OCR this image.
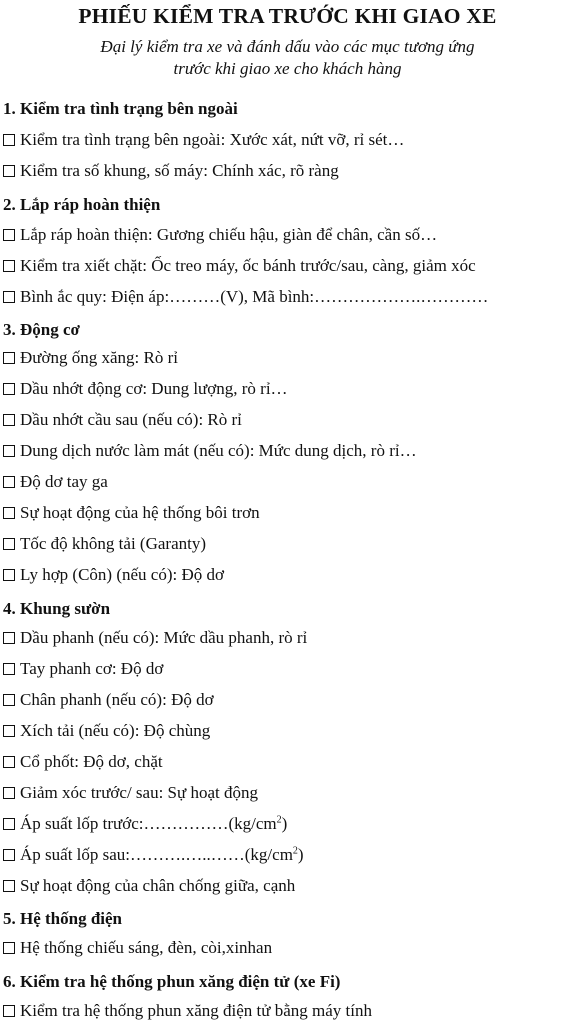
PHIẾU KIỂM TRA TRƯỚC KHI GIAO XE
Đại lý kiểm tra xe và đánh dấu vào các mục tương ứng
trước khi giao xe cho khách hàng
1. Kiểm tra tình trạng bên ngoài
Kiểm tra tình trạng bên ngoài: Xước xát, nứt vỡ, rỉ sét…
Kiểm tra số khung, số máy: Chính xác, rõ ràng
2. Lắp ráp hoàn thiện
Lắp ráp hoàn thiện: Gương chiếu hậu, giàn để chân, cần số…
Kiểm tra xiết chặt: Ốc treo máy, ốc bánh trước/sau, càng, giảm xóc
Bình ắc quy: Điện áp:………(V), Mã bình:……………….…………
3. Động cơ
Đường ống xăng: Rò rỉ
Dầu nhớt động cơ: Dung lượng, rò rỉ…
Dầu nhớt cầu sau (nếu có): Rò rỉ
Dung dịch nước làm mát (nếu có): Mức dung dịch, rò rỉ…
Độ dơ tay ga
Sự hoạt động của hệ thống bôi trơn
Tốc độ không tải (Garanty)
Ly hợp (Côn) (nếu có): Độ dơ
4. Khung sườn
Dầu phanh (nếu có): Mức dầu phanh, rò rỉ
Tay phanh cơ: Độ dơ
Chân phanh (nếu có): Độ dơ
Xích tải (nếu có): Độ chùng
Cổ phốt: Độ dơ, chặt
Giảm xóc trước/ sau: Sự hoạt động
Áp suất lốp $trước:\dots\dots\dots\dots\dots(kg/cm^2)$
Áp suất lốp $sau:\dots\dots\dots.\dots..\dots\dots(kg/cm^2)$
Sự hoạt động của chân chống giữa, cạnh
5. Hệ thống điện
Hệ thống chiếu sáng, đèn, còi,xinhan
6. Kiểm tra hệ thống phun xăng điện tử (xe Fi)
Kiểm tra hệ thống phun xăng điện tử bằng máy tính
